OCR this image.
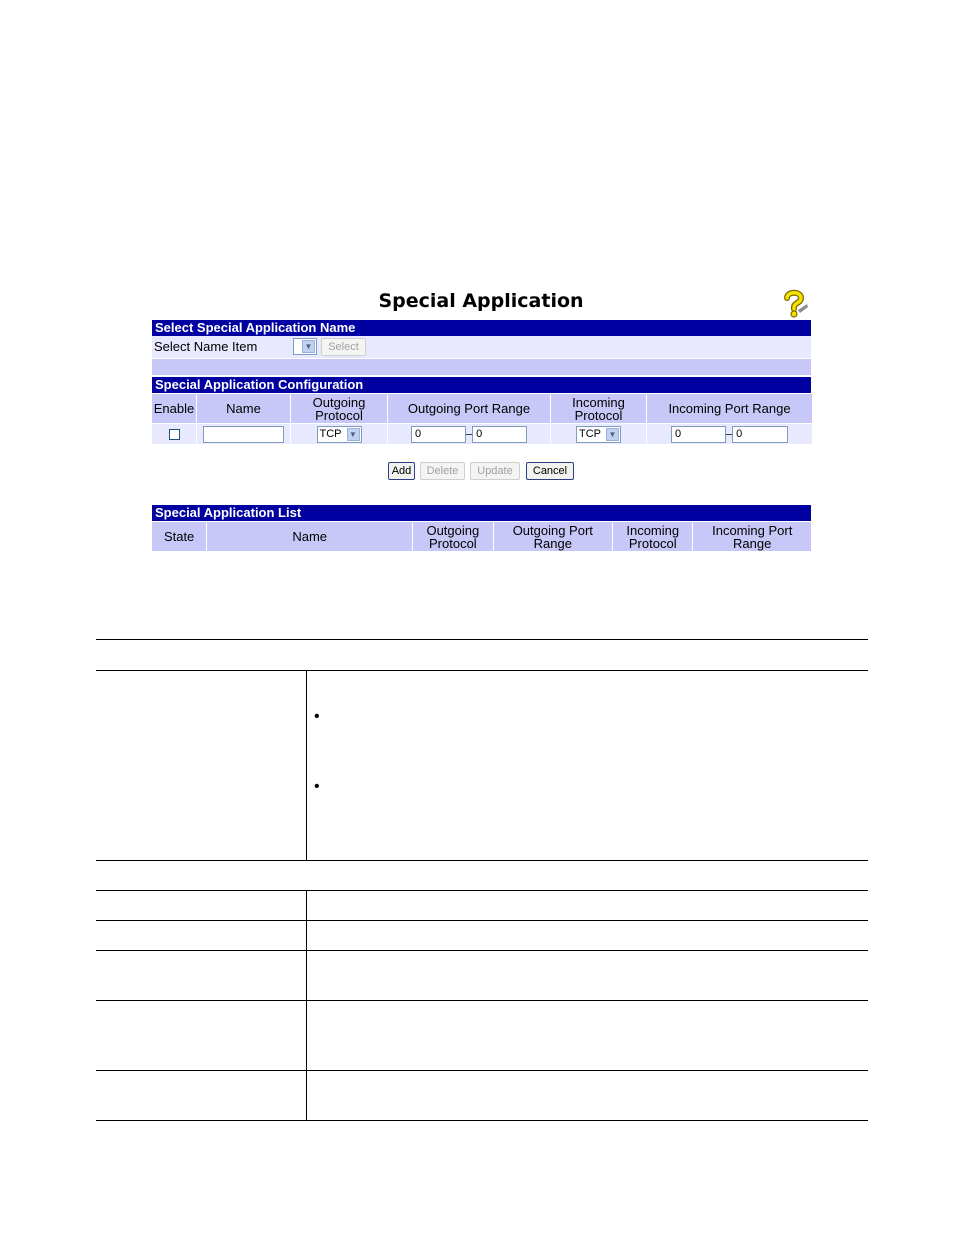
Special Application
Select Special Application Name
Select Name Item	▼	Select
Special Application Configuration
Enable	Name	Outgoing Protocol	Outgoing Port Range	Incoming Protocol	Incoming Port Range
		TCP ▼	0 – 0	TCP ▼	0 – 0
Add	Delete	Update	Cancel
Special Application List
State	Name	Outgoing Protocol	Outgoing Port Range	Incoming Protocol	Incoming Port Range
•
•
